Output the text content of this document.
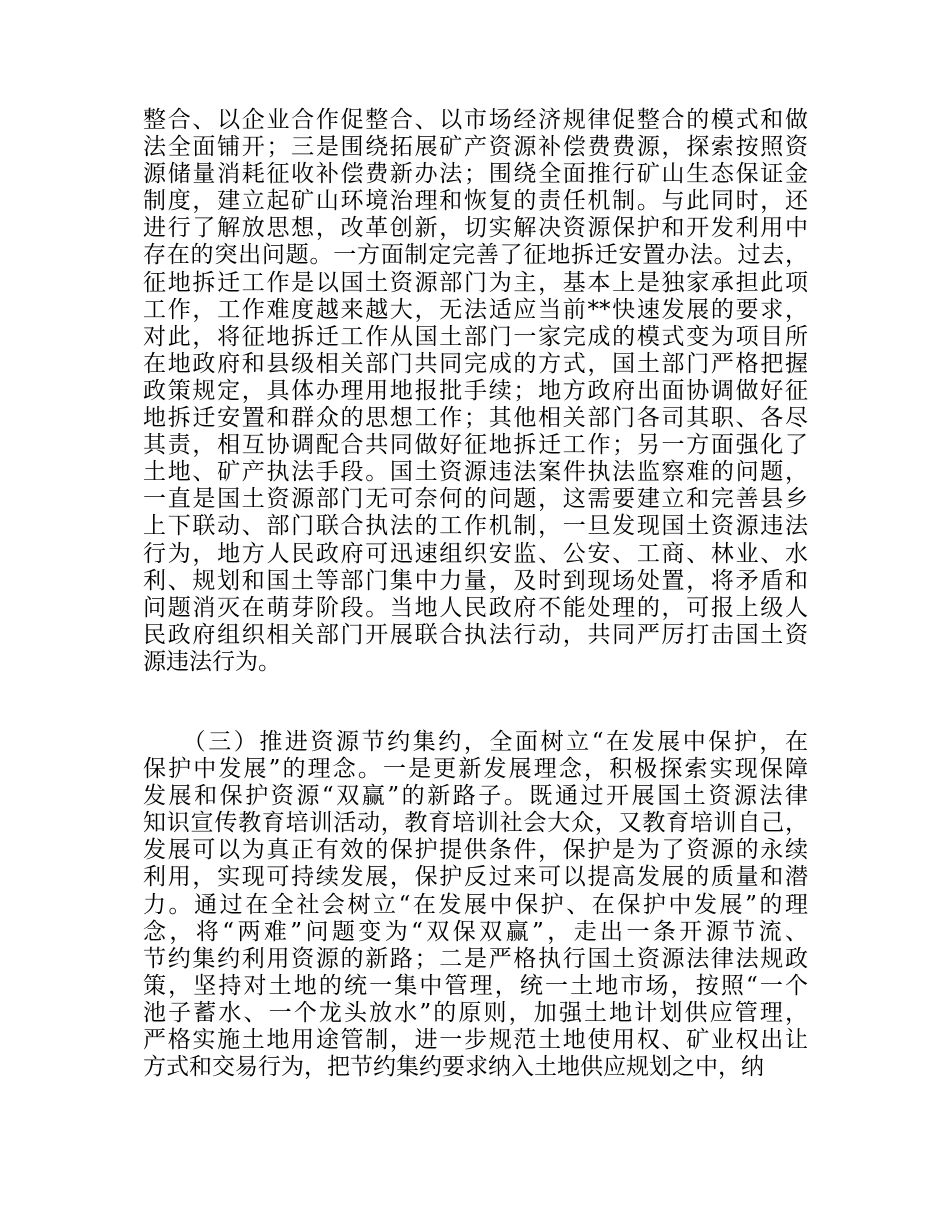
整合、以企业合作促整合、以市场经济规律促整合的模式和做
法全面铺开；三是围绕拓展矿产资源补偿费费源，探索按照资
源储量消耗征收补偿费新办法；围绕全面推行矿山生态保证金
制度，建立起矿山环境治理和恢复的责任机制。与此同时，还
进行了解放思想，改革创新，切实解决资源保护和开发利用中
存在的突出问题。一方面制定完善了征地拆迁安置办法。过去，
征地拆迁工作是以国土资源部门为主，基本上是独家承担此项
工作，工作难度越来越大，无法适应当前**快速发展的要求，
对此，将征地拆迁工作从国土部门一家完成的模式变为项目所
在地政府和县级相关部门共同完成的方式，国土部门严格把握
政策规定，具体办理用地报批手续；地方政府出面协调做好征
地拆迁安置和群众的思想工作；其他相关部门各司其职、各尽
其责，相互协调配合共同做好征地拆迁工作；另一方面强化了
土地、矿产执法手段。国土资源违法案件执法监察难的问题，
一直是国土资源部门无可奈何的问题，这需要建立和完善县乡
上下联动、部门联合执法的工作机制，一旦发现国土资源违法
行为，地方人民政府可迅速组织安监、公安、工商、林业、水
利、规划和国土等部门集中力量，及时到现场处置，将矛盾和
问题消灭在萌芽阶段。当地人民政府不能处理的，可报上级人
民政府组织相关部门开展联合执法行动，共同严厉打击国土资
源违法行为。
　　（三）推进资源节约集约，全面树立“在发展中保护，在
保护中发展”的理念。一是更新发展理念，积极探索实现保障
发展和保护资源“双赢”的新路子。既通过开展国土资源法律
知识宣传教育培训活动，教育培训社会大众，又教育培训自己，
发展可以为真正有效的保护提供条件，保护是为了资源的永续
利用，实现可持续发展，保护反过来可以提高发展的质量和潜
力。通过在全社会树立“在发展中保护、在保护中发展”的理
念，将“两难”问题变为“双保双赢”，走出一条开源节流、
节约集约利用资源的新路；二是严格执行国土资源法律法规政
策，坚持对土地的统一集中管理，统一土地市场，按照“一个
池子蓄水、一个龙头放水”的原则，加强土地计划供应管理，
严格实施土地用途管制，进一步规范土地使用权、矿业权出让
方式和交易行为，把节约集约要求纳入土地供应规划之中，纳
